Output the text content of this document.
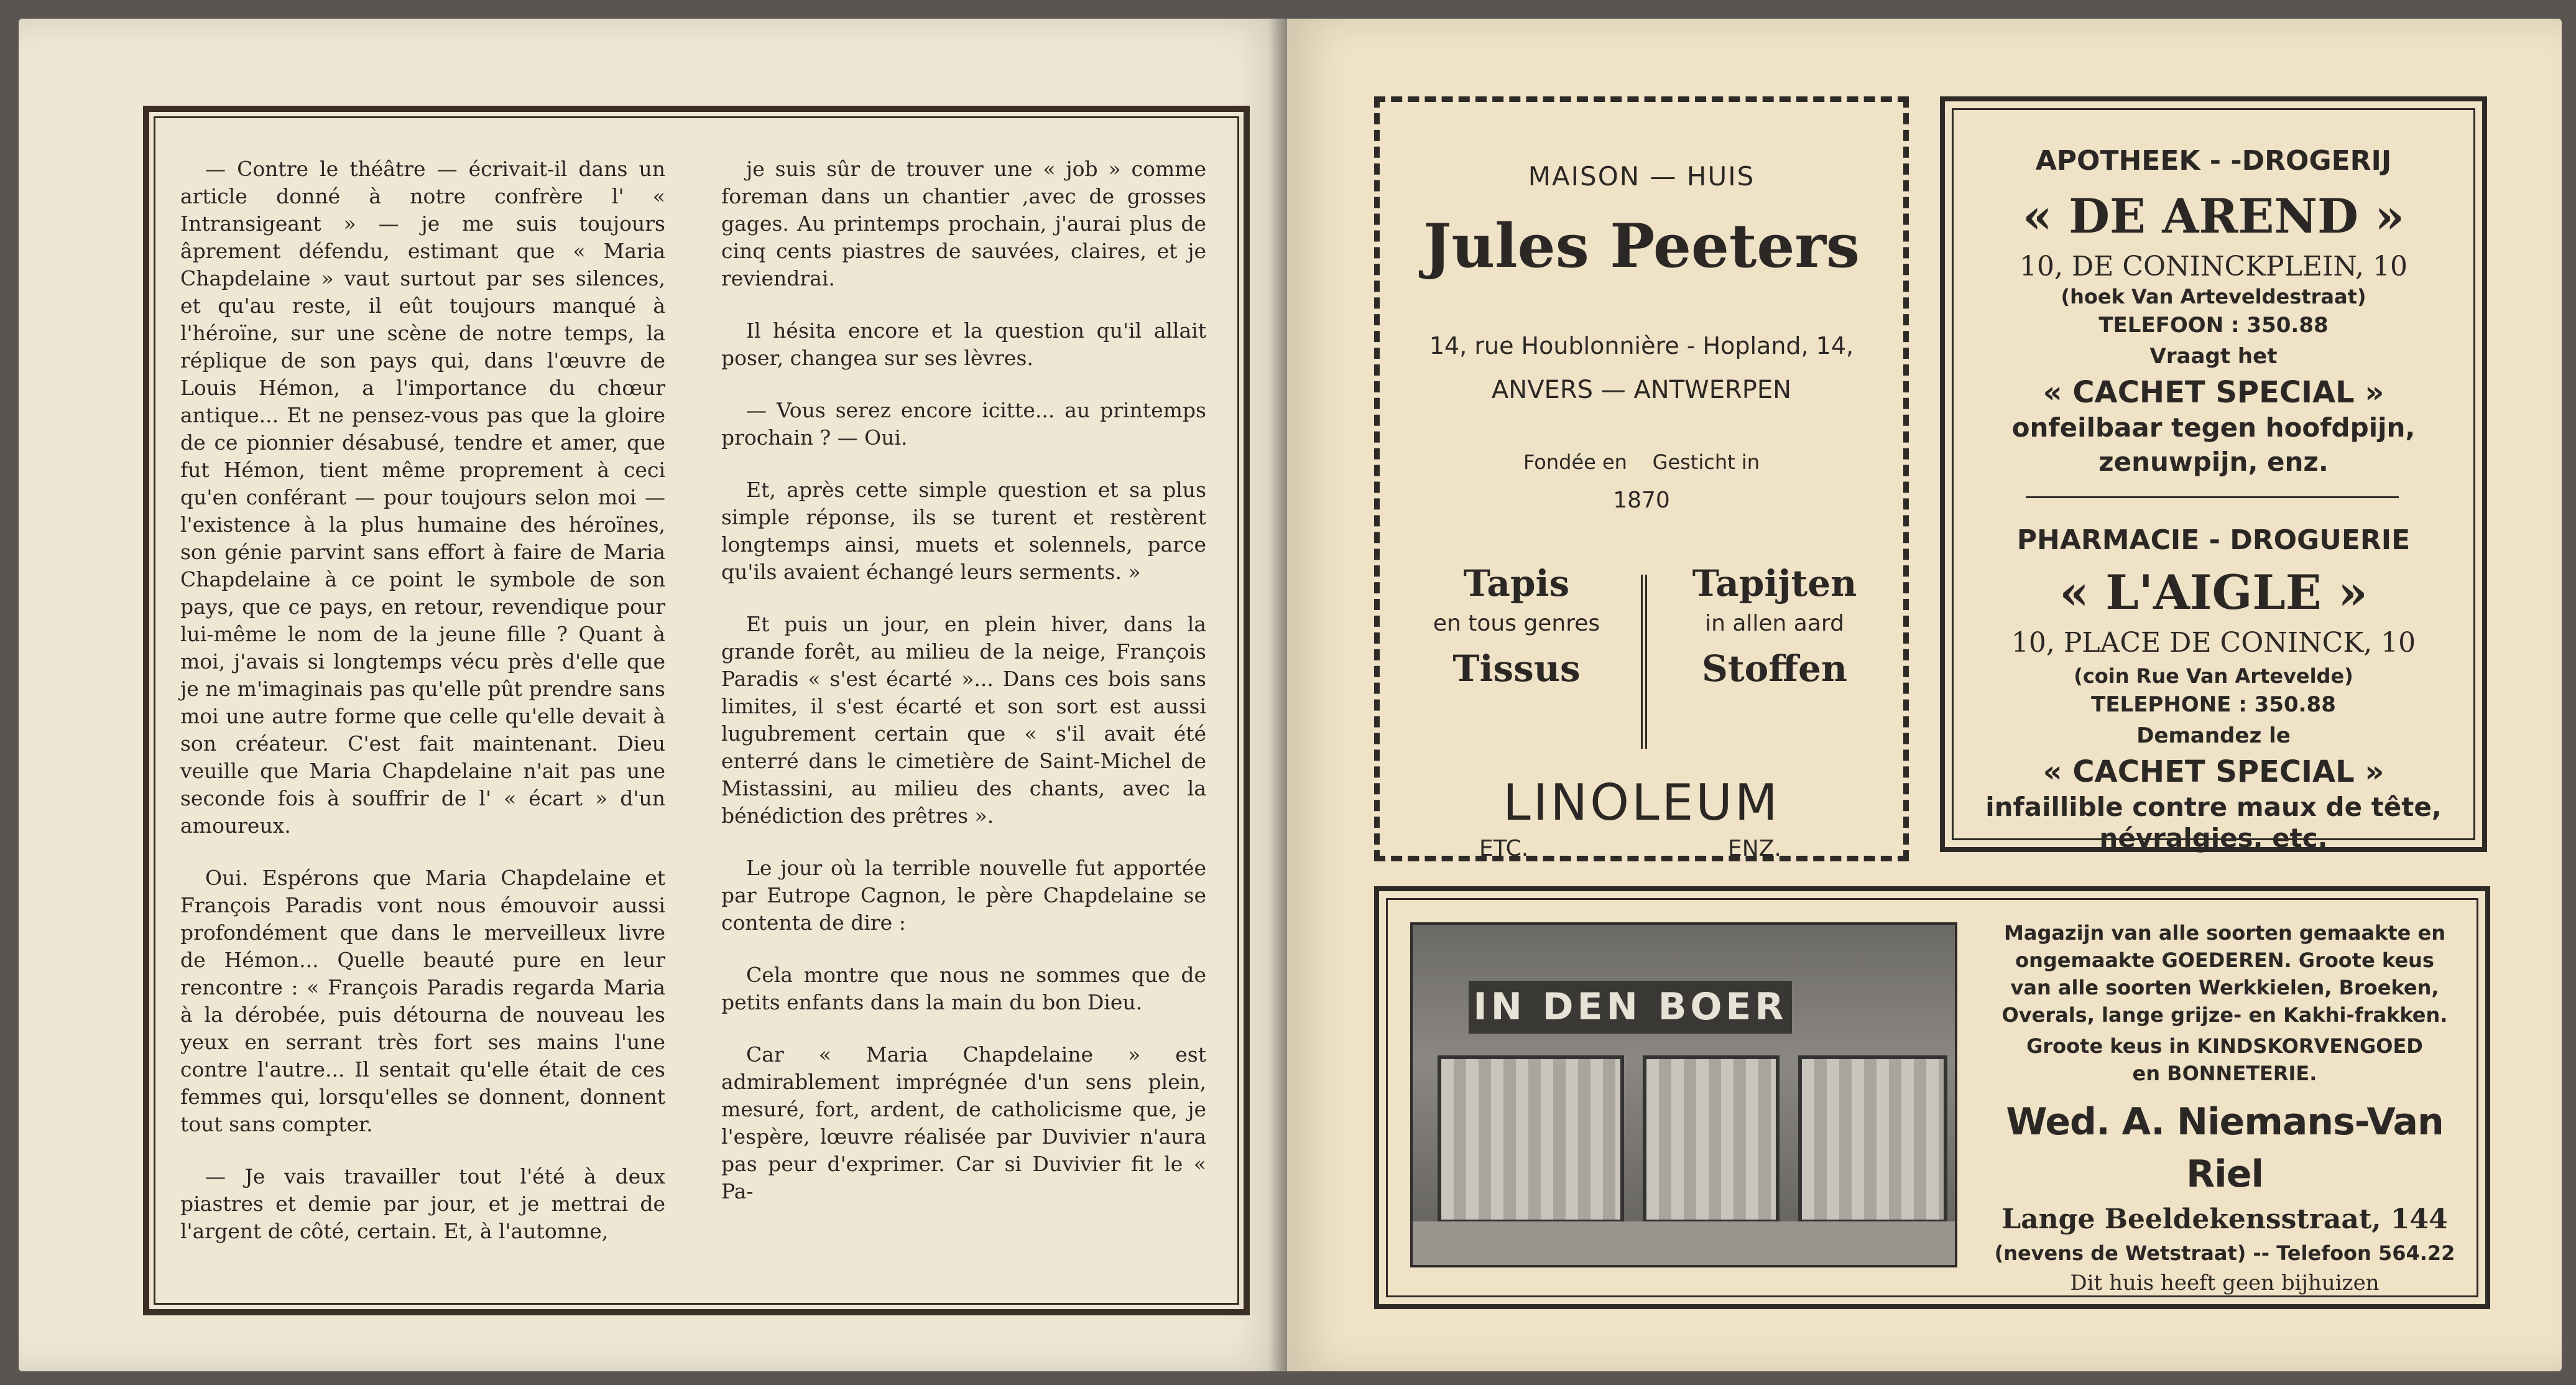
— Contre le théâtre — écrivait-il dans un article donné à notre confrère l' « Intransigeant » — je me suis toujours âprement défendu, estimant que « Maria Chapdelaine » vaut surtout par ses silences, et qu'au reste, il eût toujours manqué à l'héroïne, sur une scène de notre temps, la réplique de son pays qui, dans l'œuvre de Louis Hémon, a l'importance du chœur antique... Et ne pensez-vous pas que la gloire de ce pionnier désabusé, tendre et amer, que fut Hémon, tient même proprement à ceci qu'en conférant — pour toujours selon moi — l'existence à la plus humaine des héroïnes, son génie parvint sans effort à faire de Maria Chapdelaine à ce point le symbole de son pays, que ce pays, en retour, revendique pour lui-même le nom de la jeune fille ? Quant à moi, j'avais si longtemps vécu près d'elle que je ne m'imaginais pas qu'elle pût prendre sans moi une autre forme que celle qu'elle devait à son créateur. C'est fait maintenant. Dieu veuille que Maria Chapdelaine n'ait pas une seconde fois à souffrir de l' « écart » d'un amoureux.

Oui. Espérons que Maria Chapdelaine et François Paradis vont nous émouvoir aussi profondément que dans le merveilleux livre de Hémon... Quelle beauté pure en leur rencontre : « François Paradis regarda Maria à la dérobée, puis détourna de nouveau les yeux en serrant très fort ses mains l'une contre l'autre... Il sentait qu'elle était de ces femmes qui, lorsqu'elles se donnent, donnent tout sans compter.

— Je vais travailler tout l'été à deux piastres et demie par jour, et je mettrai de l'argent de côté, certain. Et, à l'automne,

je suis sûr de trouver une « job » comme foreman dans un chantier ,avec de grosses gages. Au printemps prochain, j'aurai plus de cinq cents piastres de sauvées, claires, et je reviendrai.

Il hésita encore et la question qu'il allait poser, changea sur ses lèvres.

— Vous serez encore icitte... au printemps prochain ? — Oui.

Et, après cette simple question et sa plus simple réponse, ils se turent et restèrent longtemps ainsi, muets et solennels, parce qu'ils avaient échangé leurs serments. »

Et puis un jour, en plein hiver, dans la grande forêt, au milieu de la neige, François Paradis « s'est écarté »... Dans ces bois sans limites, il s'est écarté et son sort est aussi lugubrement certain que « s'il avait été enterré dans le cimetière de Saint-Michel de Mistassini, au milieu des chants, avec la bénédiction des prêtres ».

Le jour où la terrible nouvelle fut apportée par Eutrope Cagnon, le père Chapdelaine se contenta de dire :

Cela montre que nous ne sommes que de petits enfants dans la main du bon Dieu.

Car « Maria Chapdelaine » est admirablement imprégnée d'un sens plein, mesuré, fort, ardent, de catholicisme que, je l'espère, lœuvre réalisée par Duvivier n'aura pas peur d'exprimer. Car si Duvivier fit le « Pa-

MAISON — HUIS
Jules Peeters
14, rue Houblonnière - Hopland, 14,
ANVERS — ANTWERPEN
Fondée en Gesticht in
1870
Tapis
en tous genres
Tissus
Tapijten
in allen aard
Stoffen
LINOLEUM
ETC.	ENZ.
APOTHEEK - -DROGERIJ
« DE AREND »
10, DE CONINCKPLEIN, 10
(hoek Van Arteveldestraat)
TELEFOON : 350.88
Vraagt het
« CACHET SPECIAL »
onfeilbaar tegen hoofdpijn,
zenuwpijn, enz.
PHARMACIE - DROGUERIE
« L'AIGLE »
10, PLACE DE CONINCK, 10
(coin Rue Van Artevelde)
TELEPHONE : 350.88
Demandez le
« CACHET SPECIAL »
infaillible contre maux de tête,
névralgies, etc.
IN DEN BOER
Magazijn van alle soorten gemaakte en
ongemaakte GOEDEREN. Groote keus
van alle soorten Werkkielen, Broeken,
Overals, lange grijze- en Kakhi-frakken.
Groote keus in KINDSKORVENGOED
en BONNETERIE.
Wed. A. Niemans-Van Riel
Lange Beeldekensstraat, 144
(nevens de Wetstraat) -- Telefoon 564.22
Dit huis heeft geen bijhuizen
